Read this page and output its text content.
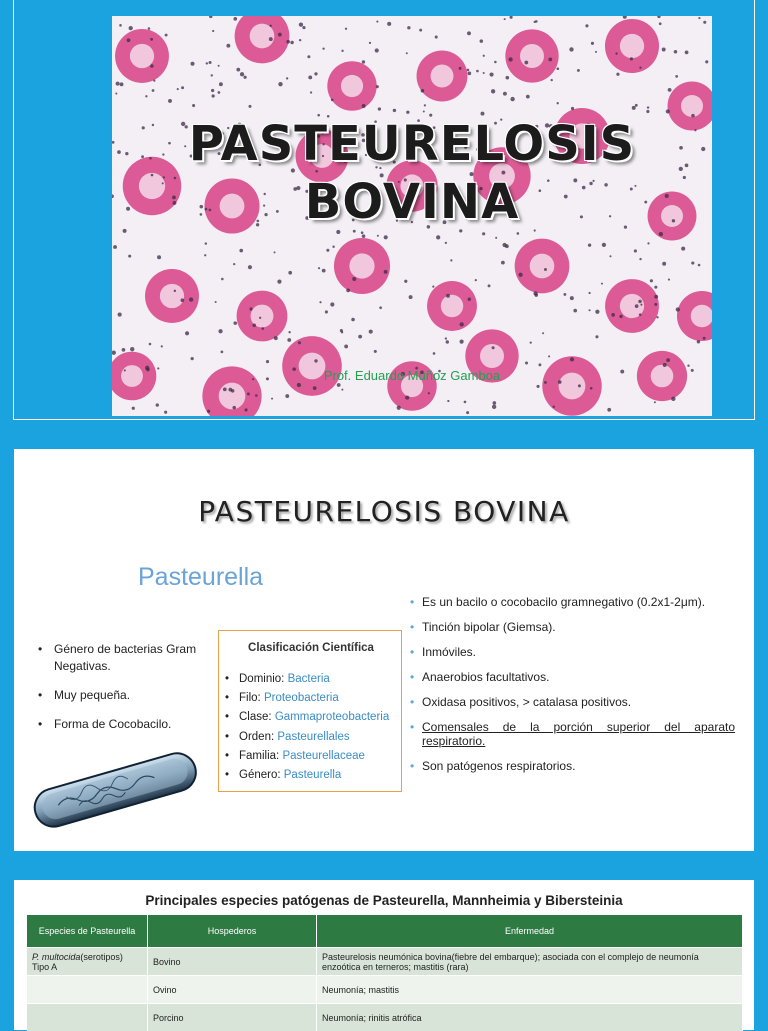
PASTEURELOSIS
BOVINA
Prof. Eduardo Muñoz Gamboa
PASTEURELOSIS BOVINA
Pasteurella
• Género de bacterias Gram Negativas.
• Muy pequeña.
• Forma de Cocobacilo.
Clasificación Científica
• Dominio: Bacteria
• Filo: Proteobacteria
• Clase: Gammaproteobacteria
• Orden: Pasteurellales
• Familia: Pasteurellaceae
• Género: Pasteurella
• Es un bacilo o cocobacilo gramnegativo (0.2x1-2μm).
• Tinción bipolar (Giemsa).
• Inmóviles.
• Anaerobios facultativos.
• Oxidasa positivos, > catalasa positivos.
• Comensales de la porción superior del aparato respiratorio.
• Son patógenos respiratorios.
Principales especies patógenas de Pasteurella, Mannheimia y Bibersteinia
Especies de Pasteurella	Hospederos	Enfermedad
P. multocida(serotipos) Tipo A	Bovino	Pasteurelosis neumónica bovina(fiebre del embarque); asociada con el complejo de neumonía enzoótica en terneros; mastitis (rara)
	Ovino	Neumonía; mastitis
	Porcino	Neumonía; rinitis atrófica
